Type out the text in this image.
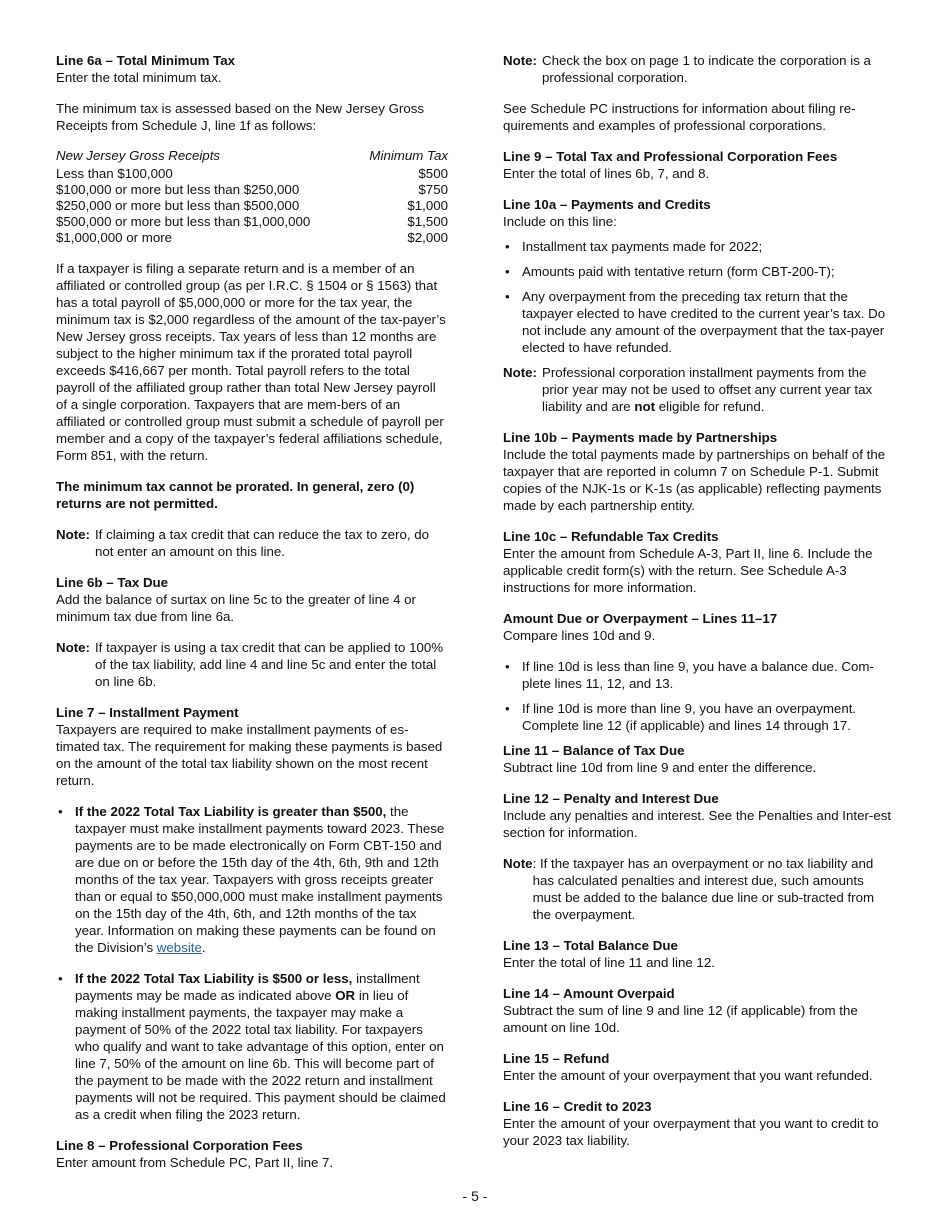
Line 6a – Total Minimum Tax

Enter the total minimum tax.

The minimum tax is assessed based on the New Jersey Gross Receipts from Schedule J, line 1f as follows:

New Jersey Gross Receipts	Minimum Tax
Less than $100,000	$500
$100,000 or more but less than $250,000	$750
$250,000 or more but less than $500,000	$1,000
$500,000 or more but less than $1,000,000	$1,500
$1,000,000 or more	$2,000

If a taxpayer is filing a separate return and is a member of an affiliated or controlled group (as per I.R.C. § 1504 or § 1563) that has a total payroll of $5,000,000 or more for the tax year, the minimum tax is $2,000 regardless of the amount of the tax-payer’s New Jersey gross receipts. Tax years of less than 12 months are subject to the higher minimum tax if the prorated total payroll exceeds $416,667 per month. Total payroll refers to the total payroll of the affiliated group rather than total New Jersey payroll of a single corporation. Taxpayers that are mem-bers of an affiliated or controlled group must submit a schedule of payroll per member and a copy of the taxpayer’s federal affiliations schedule, Form 851, with the return.

The minimum tax cannot be prorated. In general, zero (0) returns are not permitted.

Note: If claiming a tax credit that can reduce the tax to zero, do not enter an amount on this line.

Line 6b – Tax Due

Add the balance of surtax on line 5c to the greater of line 4 or minimum tax due from line 6a.

Note: If taxpayer is using a tax credit that can be applied to 100% of the tax liability, add line 4 and line 5c and enter the total on line 6b.

Line 7 – Installment Payment

Taxpayers are required to make installment payments of es-timated tax. The requirement for making these payments is based on the amount of the total tax liability shown on the most recent return.

• If the 2022 Total Tax Liability is greater than $500, the taxpayer must make installment payments toward 2023. These payments are to be made electronically on Form CBT-150 and are due on or before the 15th day of the 4th, 6th, 9th and 12th months of the tax year. Taxpayers with gross receipts greater than or equal to $50,000,000 must make installment payments on the 15th day of the 4th, 6th, and 12th months of the tax year. Information on making these payments can be found on the Division’s website.
• If the 2022 Total Tax Liability is $500 or less, installment payments may be made as indicated above OR in lieu of making installment payments, the taxpayer may make a payment of 50% of the 2022 total tax liability. For taxpayers who qualify and want to take advantage of this option, enter on line 7, 50% of the amount on line 6b. This will become part of the payment to be made with the 2022 return and installment payments will not be required. This payment should be claimed as a credit when filing the 2023 return.

Line 8 – Professional Corporation Fees

Enter amount from Schedule PC, Part II, line 7.

Note: Check the box on page 1 to indicate the corporation is a professional corporation.

See Schedule PC instructions for information about filing re-quirements and examples of professional corporations.

Line 9 – Total Tax and Professional Corporation Fees

Enter the total of lines 6b, 7, and 8.

Line 10a – Payments and Credits

Include on this line:

• Installment tax payments made for 2022;
• Amounts paid with tentative return (form CBT-200-T);
• Any overpayment from the preceding tax return that the taxpayer elected to have credited to the current year’s tax. Do not include any amount of the overpayment that the tax-payer elected to have refunded.
Note: Professional corporation installment payments from the prior year may not be used to offset any current year tax liability and are not eligible for refund.

Line 10b – Payments made by Partnerships

Include the total payments made by partnerships on behalf of the taxpayer that are reported in column 7 on Schedule P-1. Submit copies of the NJK-1s or K-1s (as applicable) reflecting payments made by each partnership entity.

Line 10c – Refundable Tax Credits

Enter the amount from Schedule A-3, Part II, line 6. Include the applicable credit form(s) with the return. See Schedule A-3 instructions for more information.

Amount Due or Overpayment – Lines 11–17

Compare lines 10d and 9.

• If line 10d is less than line 9, you have a balance due. Com-plete lines 11, 12, and 13.
• If line 10d is more than line 9, you have an overpayment. Complete line 12 (if applicable) and lines 14 through 17.

Line 11 – Balance of Tax Due

Subtract line 10d from line 9 and enter the difference.

Line 12 – Penalty and Interest Due

Include any penalties and interest. See the Penalties and Inter-est section for information.

Note : If the taxpayer has an overpayment or no tax liability and has calculated penalties and interest due, such amounts must be added to the balance due line or sub-tracted from the overpayment.

Line 13 – Total Balance Due

Enter the total of line 11 and line 12.

Line 14 – Amount Overpaid

Subtract the sum of line 9 and line 12 (if applicable) from the amount on line 10d.

Line 15 – Refund

Enter the amount of your overpayment that you want refunded.

Line 16 – Credit to 2023

Enter the amount of your overpayment that you want to credit to your 2023 tax liability.

- 5 -
